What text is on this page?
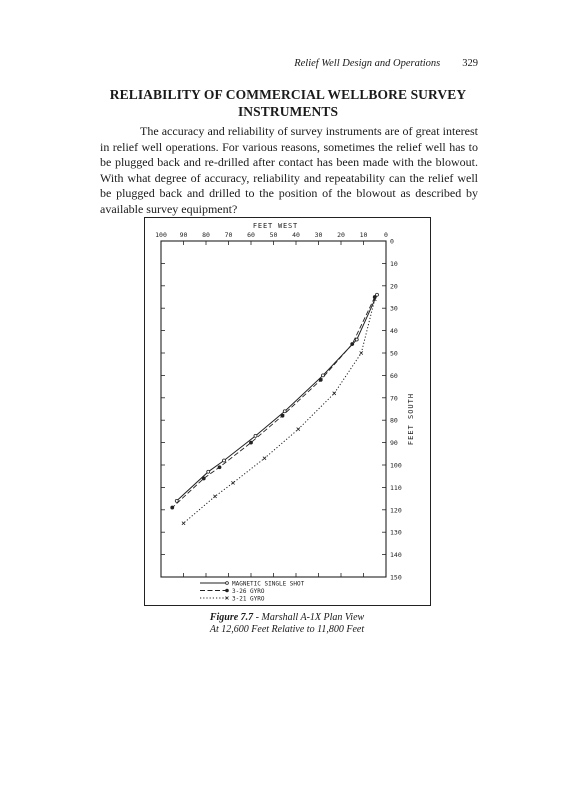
Relief Well Design and Operations 329
RELIABILITY OF COMMERCIAL WELLBORE SURVEY INSTRUMENTS

The accuracy and reliability of survey instruments are of great interest in relief well operations. For various reasons, sometimes the relief well has to be plugged back and re-drilled after contact has been made with the blowout. With what degree of accuracy, reliability and repeatability can the relief well be plugged back and drilled to the position of the blowout as described by available survey equipment?

100 90 80 70 60 50 40 30 20 10	0
FEET WEST
0
10
20
30
40
50
60
70
80
90
100
110
120
130
140
150
FEET SOUTH
MAGNETIC SINGLE SHOT
3-26 GYRO
3-21 GYRO
Figure 7.7 - Marshall A-1X Plan View
At 12,600 Feet Relative to 11,800 Feet
